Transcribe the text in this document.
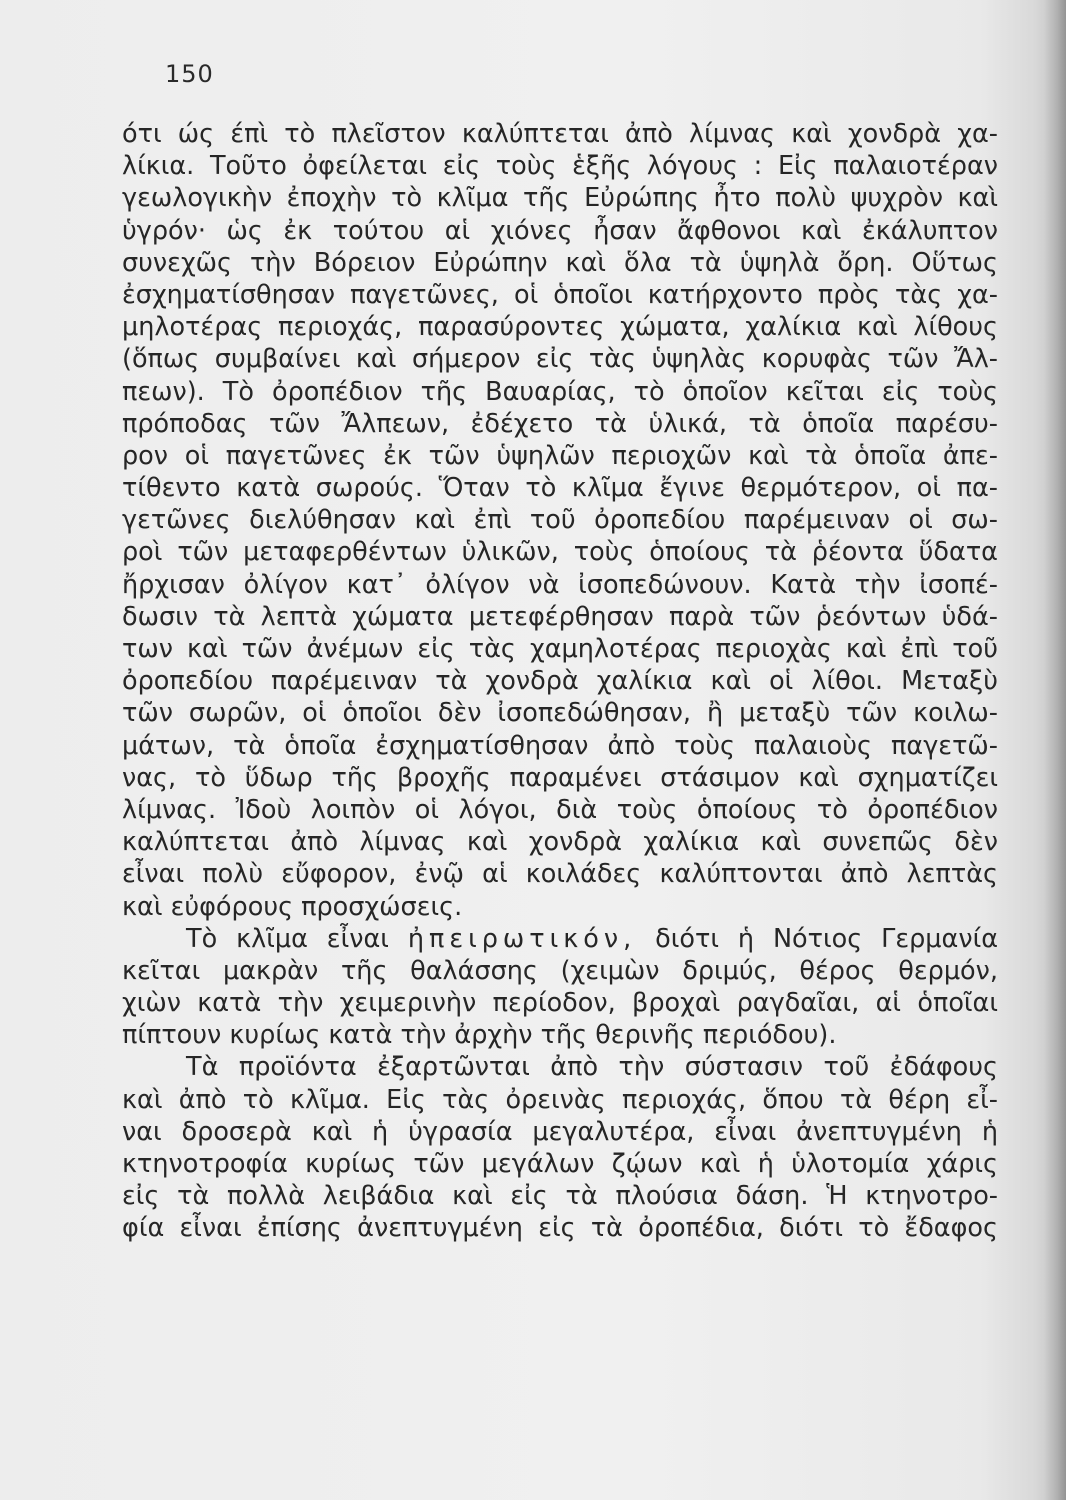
150
ότι ώς έπὶ τὸ πλεῖστον καλύπτεται ἀπὸ λίμνας καὶ χονδρὰ χα-
λίκια. Τοῦτο ὀφείλεται εἰς τοὺς ἑξῆς λόγους : Εἰς παλαιοτέραν
γεωλογικὴν ἐποχὴν τὸ κλῖμα τῆς Εὐρώπης ἦτο πολὺ ψυχρὸν καὶ
ὑγρόν· ὡς ἐκ τούτου αἱ χιόνες ἦσαν ἄφθονοι καὶ ἐκάλυπτον
συνεχῶς τὴν Βόρειον Εὐρώπην καὶ ὅλα τὰ ὑψηλὰ ὄρη. Οὕτως
ἐσχηματίσθησαν παγετῶνες, οἱ ὁποῖοι κατήρχοντο πρὸς τὰς χα-
μηλοτέρας περιοχάς, παρασύροντες χώματα, χαλίκια καὶ λίθους
(ὅπως συμβαίνει καὶ σήμερον εἰς τὰς ὑψηλὰς κορυφὰς τῶν Ἄλ-
πεων). Τὸ ὀροπέδιον τῆς Βαυαρίας, τὸ ὁποῖον κεῖται εἰς τοὺς
πρόποδας τῶν Ἄλπεων, ἐδέχετο τὰ ὑλικά, τὰ ὁποῖα παρέσυ-
ρον οἱ παγετῶνες ἐκ τῶν ὑψηλῶν περιοχῶν καὶ τὰ ὁποῖα ἀπε-
τίθεντο κατὰ σωρούς. Ὅταν τὸ κλῖμα ἔγινε θερμότερον, οἱ πα-
γετῶνες διελύθησαν καὶ ἐπὶ τοῦ ὀροπεδίου παρέμειναν οἱ σω-
ροὶ τῶν μεταφερθέντων ὑλικῶν, τοὺς ὁποίους τὰ ῥέοντα ὕδατα
ἤρχισαν ὀλίγον κατ᾽ ὀλίγον νὰ ἰσοπεδώνουν. Κατὰ τὴν ἰσοπέ-
δωσιν τὰ λεπτὰ χώματα μετεφέρθησαν παρὰ τῶν ῥεόντων ὑδά-
των καὶ τῶν ἀνέμων εἰς τὰς χαμηλοτέρας περιοχὰς καὶ ἐπὶ τοῦ
ὀροπεδίου παρέμειναν τὰ χονδρὰ χαλίκια καὶ οἱ λίθοι. Μεταξὺ
τῶν σωρῶν, οἱ ὁποῖοι δὲν ἰσοπεδώθησαν, ἢ μεταξὺ τῶν κοιλω-
μάτων, τὰ ὁποῖα ἐσχηματίσθησαν ἀπὸ τοὺς παλαιοὺς παγετῶ-
νας, τὸ ὕδωρ τῆς βροχῆς παραμένει στάσιμον καὶ σχηματίζει
λίμνας. Ἰδοὺ λοιπὸν οἱ λόγοι, διὰ τοὺς ὁποίους τὸ ὀροπέδιον
καλύπτεται ἀπὸ λίμνας καὶ χονδρὰ χαλίκια καὶ συνεπῶς δὲν
εἶναι πολὺ εὔφορον, ἐνῷ αἱ κοιλάδες καλύπτονται ἀπὸ λεπτὰς
καὶ εὐφόρους προσχώσεις.
Τὸ κλῖμα εἶναι ἠπειρωτικόν, διότι ἡ Νότιος Γερμανία
κεῖται μακρὰν τῆς θαλάσσης (χειμὼν δριμύς, θέρος θερμόν,
χιὼν κατὰ τὴν χειμερινὴν περίοδον, βροχαὶ ραγδαῖαι, αἱ ὁποῖαι
πίπτουν κυρίως κατὰ τὴν ἀρχὴν τῆς θερινῆς περιόδου).
Τὰ προϊόντα ἐξαρτῶνται ἀπὸ τὴν σύστασιν τοῦ ἐδάφους
καὶ ἀπὸ τὸ κλῖμα. Εἰς τὰς ὀρεινὰς περιοχάς, ὅπου τὰ θέρη εἶ-
ναι δροσερὰ καὶ ἡ ὑγρασία μεγαλυτέρα, εἶναι ἀνεπτυγμένη ἡ
κτηνοτροφία κυρίως τῶν μεγάλων ζῴων καὶ ἡ ὑλοτομία χάρις
εἰς τὰ πολλὰ λειβάδια καὶ εἰς τὰ πλούσια δάση. Ἡ κτηνοτρο-
φία εἶναι ἐπίσης ἀνεπτυγμένη εἰς τὰ ὀροπέδια, διότι τὸ ἔδαφος
